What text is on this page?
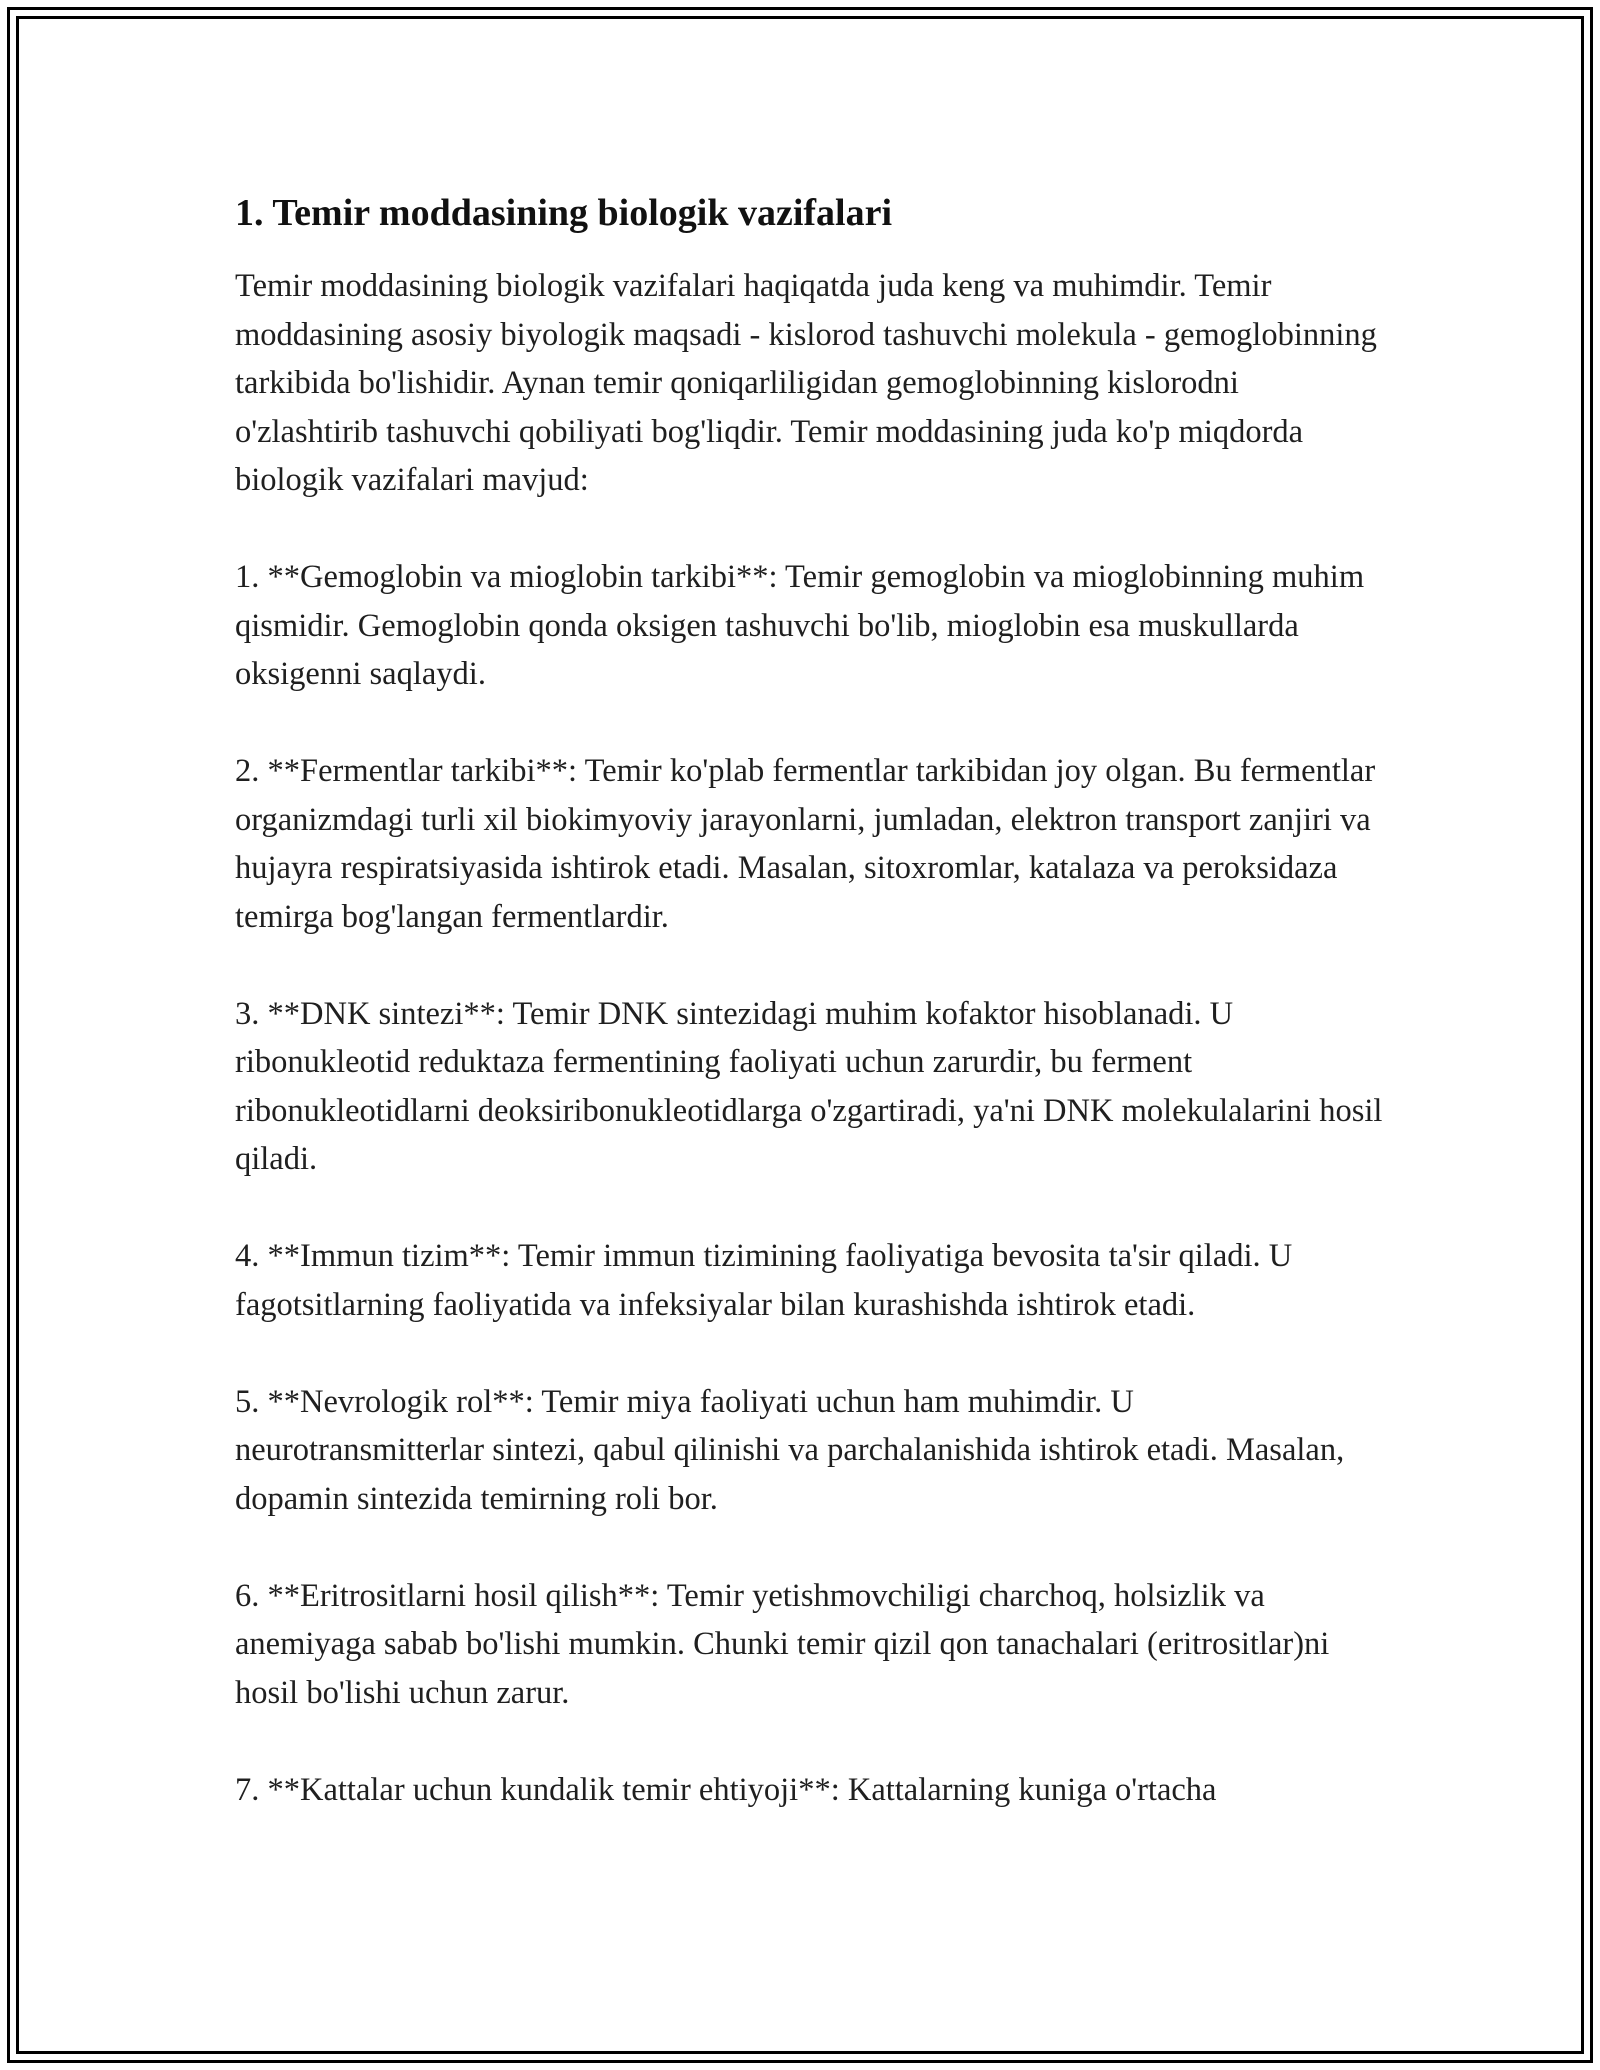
1. Temir moddasining biologik vazifalari

Temir moddasining biologik vazifalari haqiqatda juda keng va muhimdir. Temir moddasining asosiy biyologik maqsadi - kislorod tashuvchi molekula - gemoglobinning tarkibida bo'lishidir. Aynan temir qoniqarliligidan gemoglobinning kislorodni o'zlashtirib tashuvchi qobiliyati bog'liqdir. Temir moddasining juda ko'p miqdorda biologik vazifalari mavjud:

1. **Gemoglobin va mioglobin tarkibi**: Temir gemoglobin va mioglobinning muhim qismidir. Gemoglobin qonda oksigen tashuvchi bo'lib, mioglobin esa muskullarda oksigenni saqlaydi.

2. **Fermentlar tarkibi**: Temir ko'plab fermentlar tarkibidan joy olgan. Bu fermentlar organizmdagi turli xil biokimyoviy jarayonlarni, jumladan, elektron transport zanjiri va hujayra respiratsiyasida ishtirok etadi. Masalan, sitoxromlar, katalaza va peroksidaza temirga bog'langan fermentlardir.

3. **DNK sintezi**: Temir DNK sintezidagi muhim kofaktor hisoblanadi. U ribonukleotid reduktaza fermentining faoliyati uchun zarurdir, bu ferment ribonukleotidlarni deoksiribonukleotidlarga o'zgartiradi, ya'ni DNK molekulalarini hosil qiladi.

4. **Immun tizim**: Temir immun tizimining faoliyatiga bevosita ta'sir qiladi. U fagotsitlarning faoliyatida va infeksiyalar bilan kurashishda ishtirok etadi.

5. **Nevrologik rol**: Temir miya faoliyati uchun ham muhimdir. U neurotransmitterlar sintezi, qabul qilinishi va parchalanishida ishtirok etadi. Masalan, dopamin sintezida temirning roli bor.

6. **Eritrositlarni hosil qilish**: Temir yetishmovchiligi charchoq, holsizlik va anemiyaga sabab bo'lishi mumkin. Chunki temir qizil qon tanachalari (eritrositlar)ni hosil bo'lishi uchun zarur.

7. **Kattalar uchun kundalik temir ehtiyoji**: Kattalarning kuniga o'rtacha
